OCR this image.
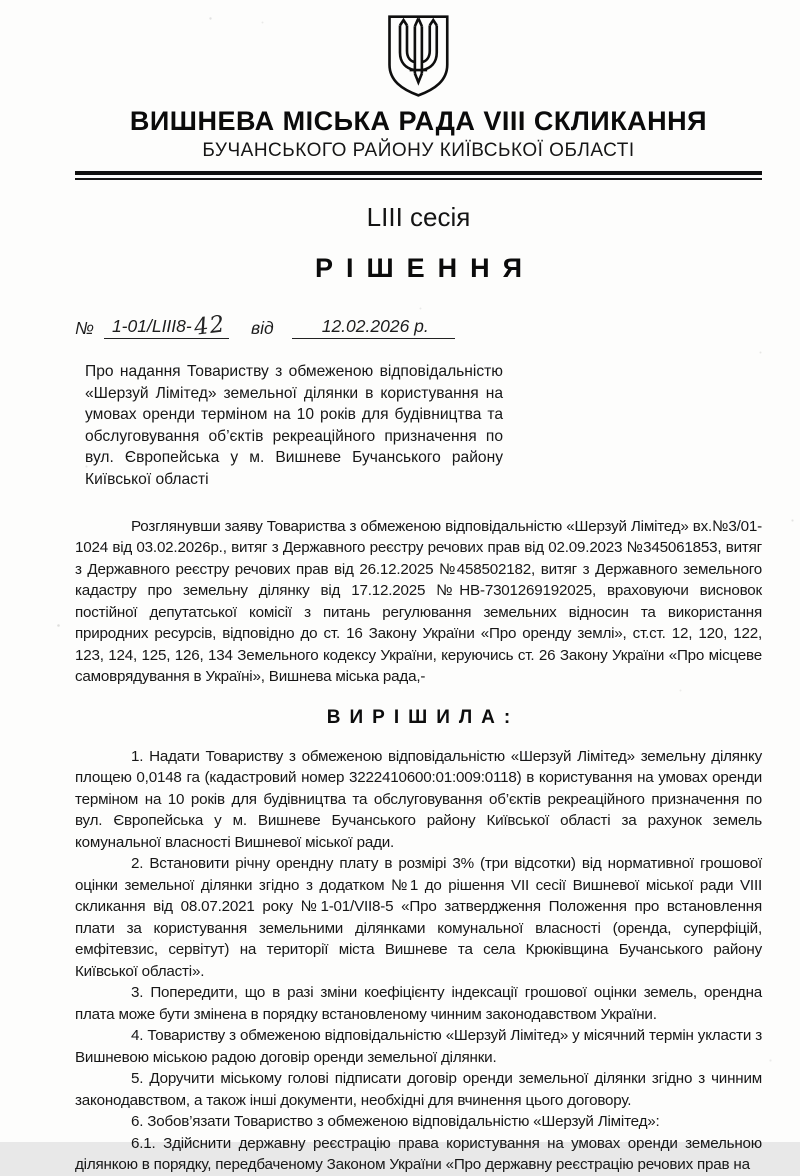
ВИШНЕВА МІСЬКА РАДА VIII СКЛИКАННЯ
БУЧАНСЬКОГО РАЙОНУ КИЇВСЬКОЇ ОБЛАСТІ
LIII сесія
РІШЕННЯ
№	1-01/LIII8-42 від	12.02.2026 р.

Про надання Товариству з обмеженою відповідальністю «Шерзуй Лімітед» земельної ділянки в користування на умовах оренди терміном на 10 років для будівництва та обслуговування об’єктів рекреаційного призначення по вул. Європейська у м. Вишневе Бучанського району Київської області

Розглянувши заяву Товариства з обмеженою відповідальністю «Шерзуй Лімітед» вх.№3/01-1024 від 03.02.2026р., витяг з Державного реєстру речових прав від 02.09.2023 №345061853, витяг з Державного реєстру речових прав від 26.12.2025 №458502182, витяг з Державного земельного кадастру про земельну ділянку від 17.12.2025 №НВ-7301269192025, враховуючи висновок постійної депутатської комісії з питань регулювання земельних відносин та використання природних ресурсів, відповідно до ст. 16 Закону України «Про оренду землі», ст.ст. 12, 120, 122, 123, 124, 125, 126, 134 Земельного кодексу України, керуючись ст. 26 Закону України «Про місцеве самоврядування в Україні», Вишнева міська рада,-

ВИРІШИЛА:

1. Надати Товариству з обмеженою відповідальністю «Шерзуй Лімітед» земельну ділянку площею 0,0148 га (кадастровий номер 3222410600:01:009:0118) в користування на умовах оренди терміном на 10 років для будівництва та обслуговування об’єктів рекреаційного призначення по вул. Європейська у м. Вишневе Бучанського району Київської області за рахунок земель комунальної власності Вишневої міської ради.

2. Встановити річну орендну плату в розмірі 3% (три відсотки) від нормативної грошової оцінки земельної ділянки згідно з додатком №1 до рішення VII сесії Вишневої міської ради VIII скликання від 08.07.2021 року №1-01/VII8-5 «Про затвердження Положення про встановлення плати за користування земельними ділянками комунальної власності (оренда, суперфіцій, емфітевзис, сервітут) на території міста Вишневе та села Крюківщина Бучанського району Київської області».

3. Попередити, що в разі зміни коефіцієнту індексації грошової оцінки земель, орендна плата може бути змінена в порядку встановленому чинним законодавством України.

4. Товариству з обмеженою відповідальністю «Шерзуй Лімітед» у місячний термін укласти з Вишневою міською радою договір оренди земельної ділянки.

5. Доручити міському голові підписати договір оренди земельної ділянки згідно з чинним законодавством, а також інші документи, необхідні для вчинення цього договору.

6. Зобов’язати Товариство з обмеженою відповідальністю «Шерзуй Лімітед»:

6.1. Здійснити державну реєстрацію права користування на умовах оренди земельною ділянкою в порядку, передбаченому Законом України «Про державну реєстрацію речових прав на
